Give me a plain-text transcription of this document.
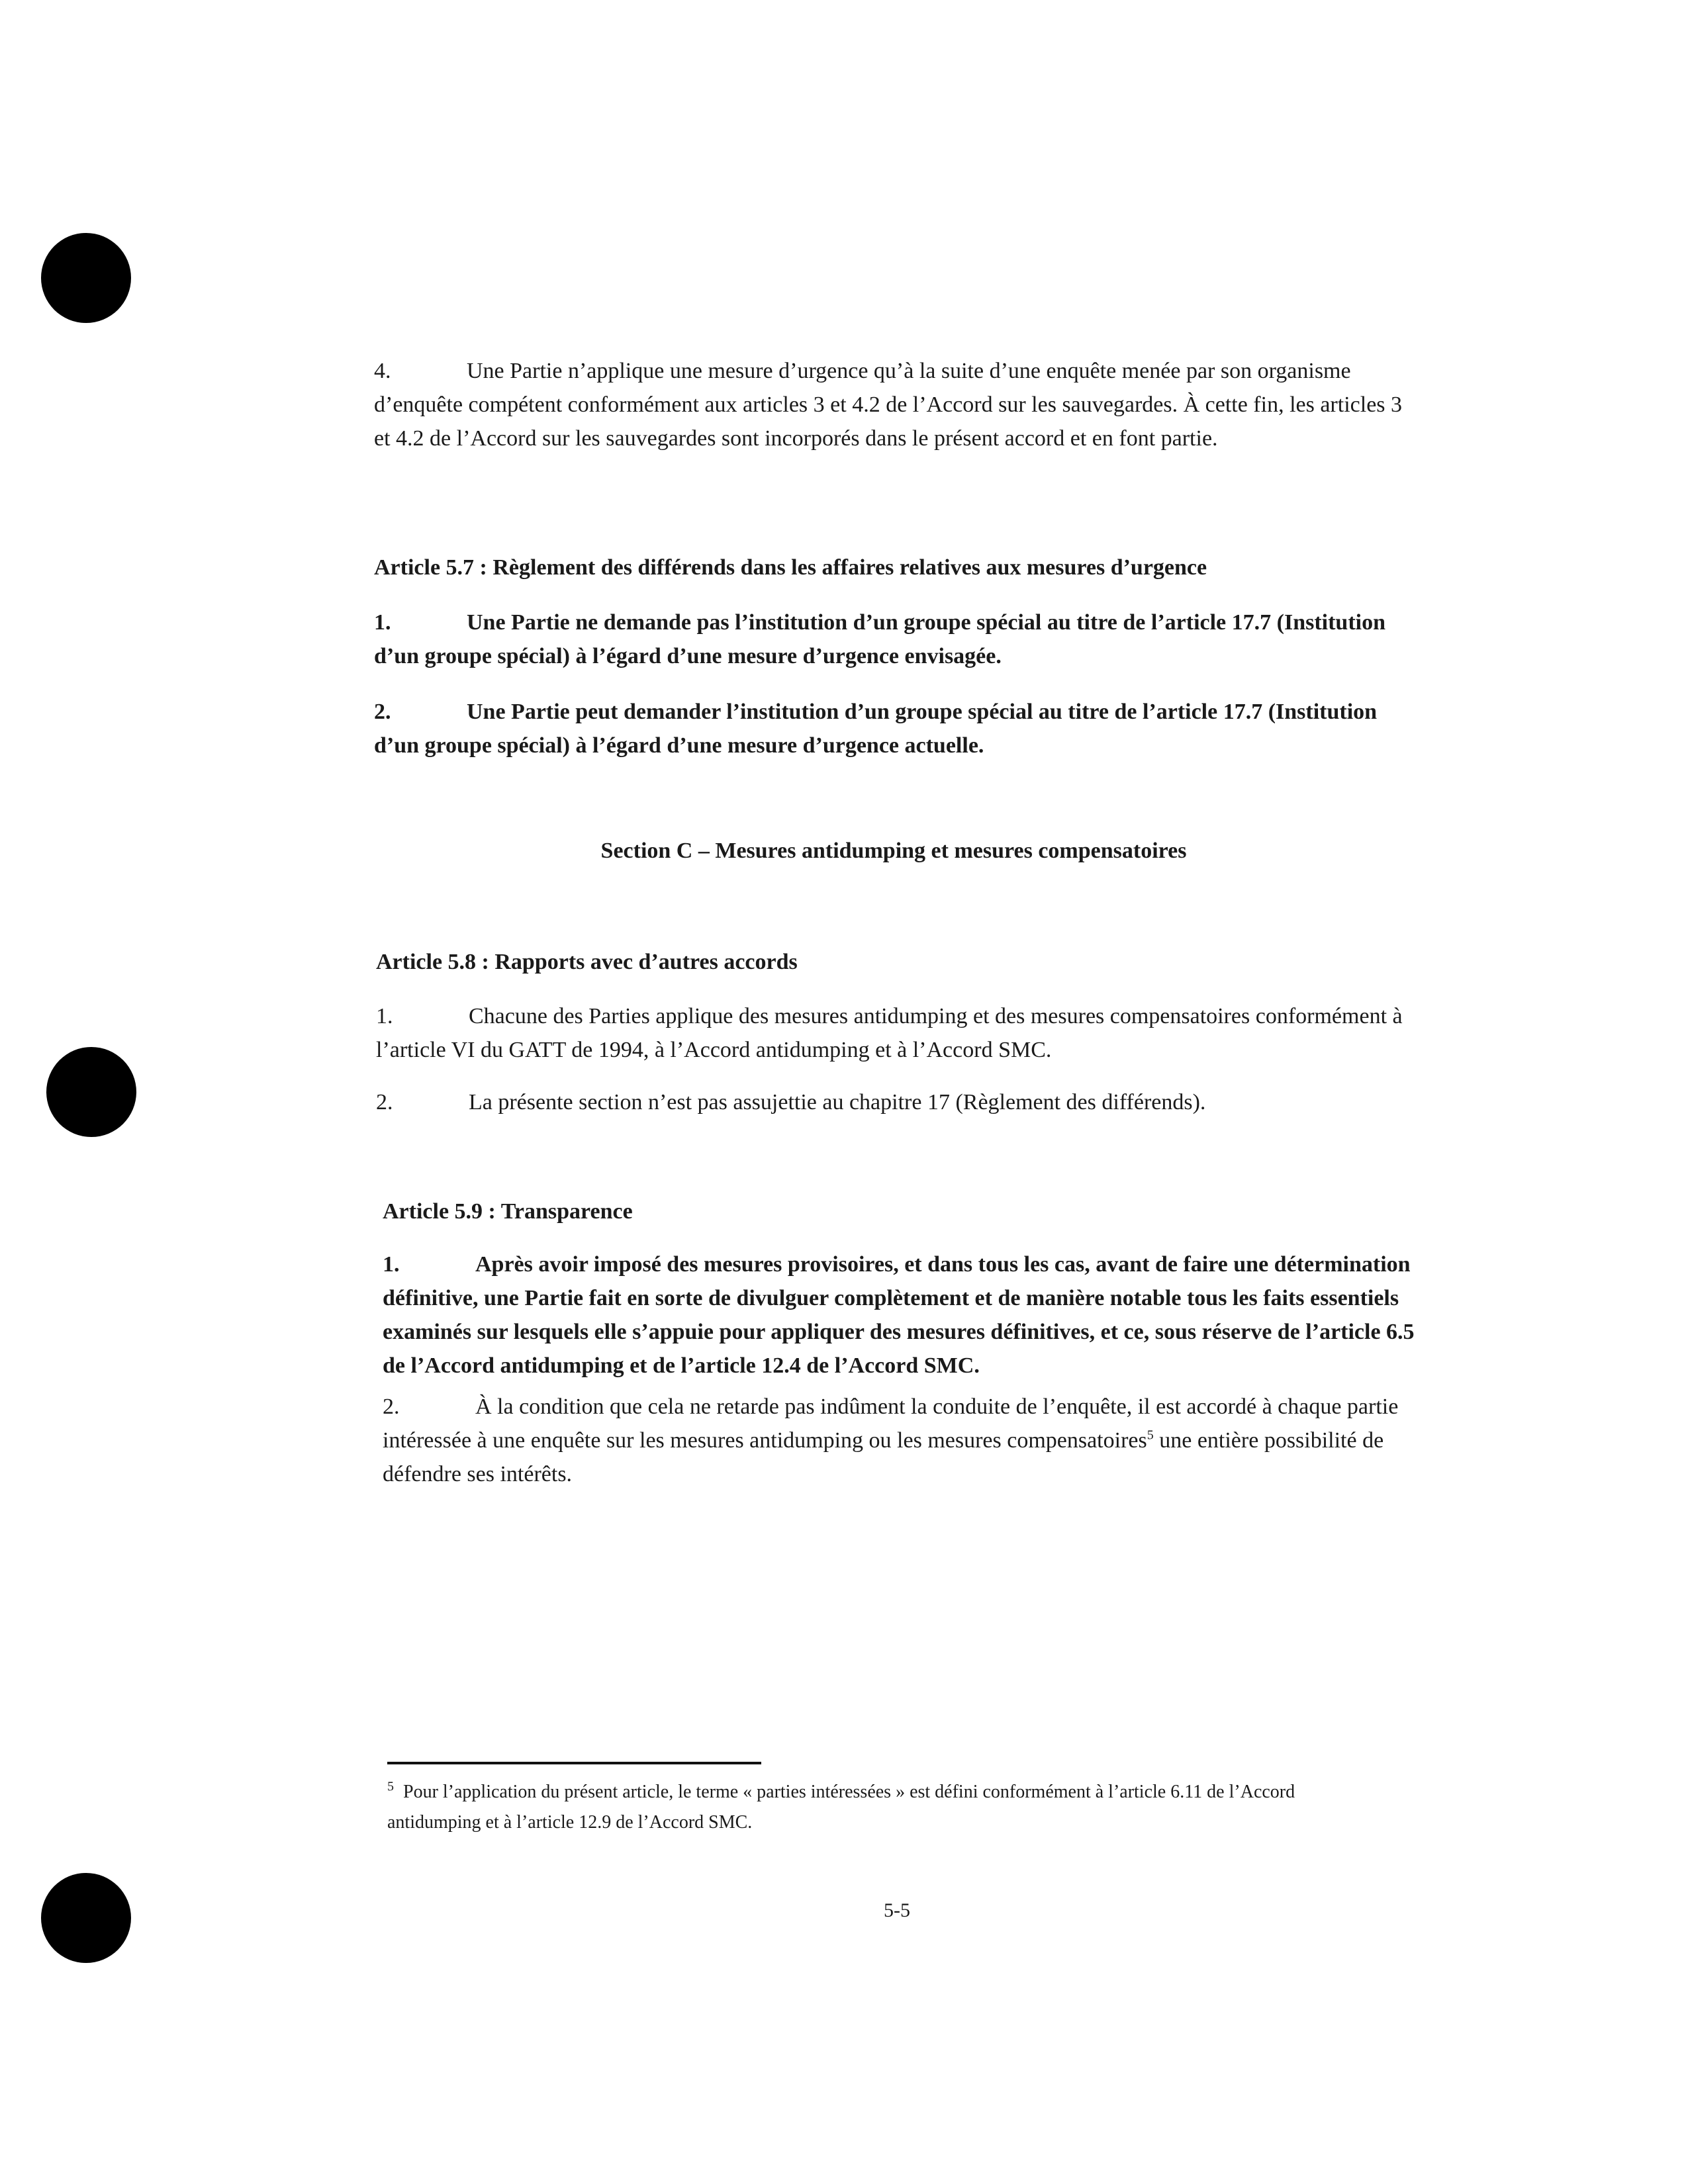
4.	Une Partie n’applique une mesure d’urgence qu’à la suite d’une enquête menée par son organisme d’enquête compétent conformément aux articles 3 et 4.2 de l’Accord sur les sauvegardes. À cette fin, les articles 3 et 4.2 de l’Accord sur les sauvegardes sont incorporés dans le présent accord et en font partie.
Article 5.7 : Règlement des différends dans les affaires relatives aux mesures d’urgence
1.	Une Partie ne demande pas l’institution d’un groupe spécial au titre de l’article 17.7 (Institution d’un groupe spécial) à l’égard d’une mesure d’urgence envisagée.
2.	Une Partie peut demander l’institution d’un groupe spécial au titre de l’article 17.7 (Institution d’un groupe spécial) à l’égard d’une mesure d’urgence actuelle.
Section C – Mesures antidumping et mesures compensatoires
Article 5.8 : Rapports avec d’autres accords
1.	Chacune des Parties applique des mesures antidumping et des mesures compensatoires conformément à l’article VI du GATT de 1994, à l’Accord antidumping et à l’Accord SMC.
2.	La présente section n’est pas assujettie au chapitre 17 (Règlement des différends).
Article 5.9 : Transparence
1.	Après avoir imposé des mesures provisoires, et dans tous les cas, avant de faire une détermination définitive, une Partie fait en sorte de divulguer complètement et de manière notable tous les faits essentiels examinés sur lesquels elle s’appuie pour appliquer des mesures définitives, et ce, sous réserve de l’article 6.5 de l’Accord antidumping et de l’article 12.4 de l’Accord SMC.
2.	À la condition que cela ne retarde pas indûment la conduite de l’enquête, il est accordé à chaque partie intéressée à une enquête sur les mesures antidumping ou les mesures compensatoires$^5$ une entière possibilité de défendre ses intérêts.
$^5$ Pour l’application du présent article, le terme « parties intéressées » est défini conformément à l’article 6.11 de l’Accord antidumping et à l’article 12.9 de l’Accord SMC.
5-5
